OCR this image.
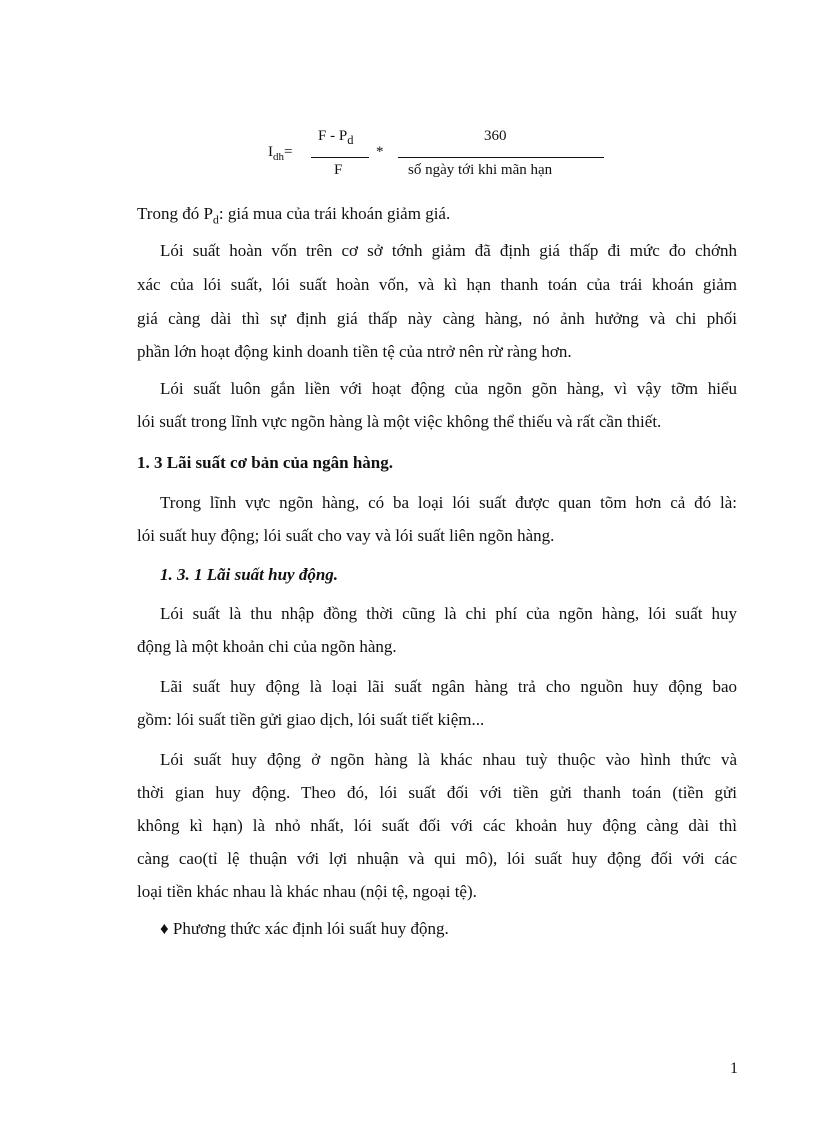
$I_{dh}=$
F - $P_d$
F
*
360
số ngày tới khi mãn hạn
Trong đó $P_d$: giá mua của trái khoán giảm giá.
Lói suất hoàn vốn trên cơ sở tớnh giảm đã định giá thấp đi mức đo chớnh
xác của lói suất, lói suất hoàn vốn, và kì hạn thanh toán của trái khoán giảm
giá càng dài thì sự định giá thấp này càng hàng, nó ảnh hưởng và chi phối
phần lớn hoạt động kinh doanh tiền tệ của ntrở nên rừ ràng hơn.
Lói suất luôn gắn liền với hoạt động của ngõn gõn hàng, vì vậy tỡm hiểu
lói suất trong lĩnh vực ngõn hàng là một việc không thể thiếu và rất cần thiết.
1. 3 Lãi suất cơ bản của ngân hàng.
Trong lĩnh vực ngõn hàng, có ba loại lói suất được quan tõm hơn cả đó là:
lói suất huy động; lói suất cho vay và lói suất liên ngõn hàng.
1. 3. 1 Lãi suất huy động.
Lói suất là thu nhập đồng thời cũng là chi phí của ngõn hàng, lói suất huy
động là một khoản chi của ngõn hàng.
Lãi suất huy động là loại lãi suất ngân hàng trả cho nguồn huy động bao
gồm: lói suất tiền gửi giao dịch, lói suất tiết kiệm...
Lói suất huy động ở ngõn hàng là khác nhau tuỳ thuộc vào hình thức và
thời gian huy động. Theo đó, lói suất đối với tiền gửi thanh toán (tiền gửi
không kì hạn) là nhỏ nhất, lói suất đối với các khoản huy động càng dài thì
càng cao(tỉ lệ thuận với lợi nhuận và qui mô), lói suất huy động đối với các
loại tiền khác nhau là khác nhau (nội tệ, ngoại tệ).
♦ Phương thức xác định lói suất huy động.
1
